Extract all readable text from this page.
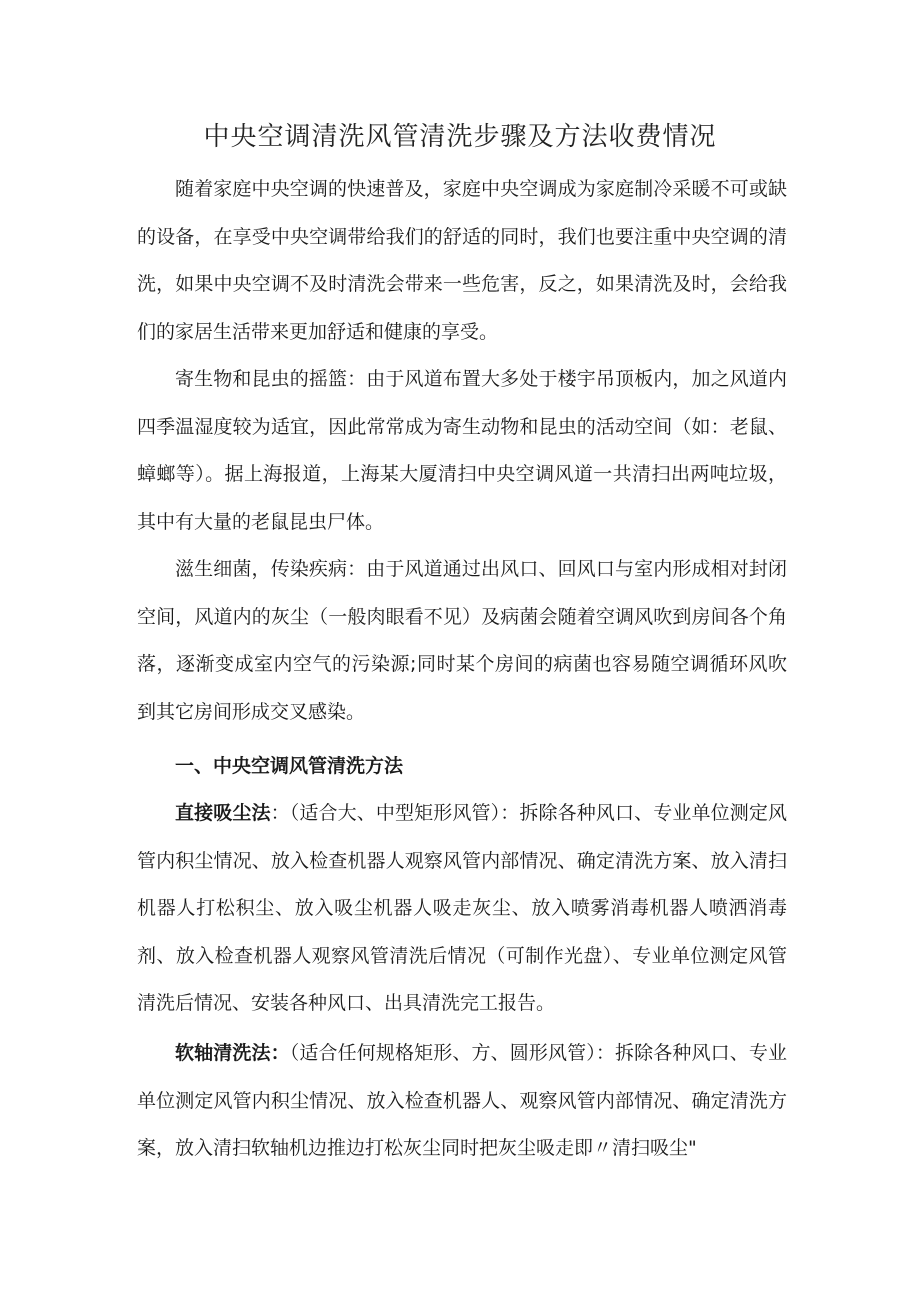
中央空调清洗风管清洗步骤及方法收费情况

随着家庭中央空调的快速普及，家庭中央空调成为家庭制冷采暖不可或缺的设备，在享受中央空调带给我们的舒适的同时，我们也要注重中央空调的清洗，如果中央空调不及时清洗会带来一些危害，反之，如果清洗及时，会给我们的家居生活带来更加舒适和健康的享受。

寄生物和昆虫的摇篮：由于风道布置大多处于楼宇吊顶板内，加之风道内四季温湿度较为适宜，因此常常成为寄生动物和昆虫的活动空间（如：老鼠、蟑螂等）。据上海报道，上海某大厦清扫中央空调风道一共清扫出两吨垃圾，其中有大量的老鼠昆虫尸体。

滋生细菌，传染疾病：由于风道通过出风口、回风口与室内形成相对封闭空间，风道内的灰尘（一般肉眼看不见）及病菌会随着空调风吹到房间各个角落，逐渐变成室内空气的污染源;同时某个房间的病菌也容易随空调循环风吹到其它房间形成交叉感染。

一、中央空调风管清洗方法

直接吸尘法：（适合大、中型矩形风管）：拆除各种风口、专业单位测定风管内积尘情况、放入检查机器人观察风管内部情况、确定清洗方案、放入清扫机器人打松积尘、放入吸尘机器人吸走灰尘、放入喷雾消毒机器人喷洒消毒剂、放入检查机器人观察风管清洗后情况（可制作光盘）、专业单位测定风管清洗后情况、安装各种风口、出具清洗完工报告。

软轴清洗法：（适合任何规格矩形、方、圆形风管）：拆除各种风口、专业单位测定风管内积尘情况、放入检查机器人、观察风管内部情况、确定清洗方案，放入清扫软轴机边推边打松灰尘同时把灰尘吸走即〃清扫吸尘"
